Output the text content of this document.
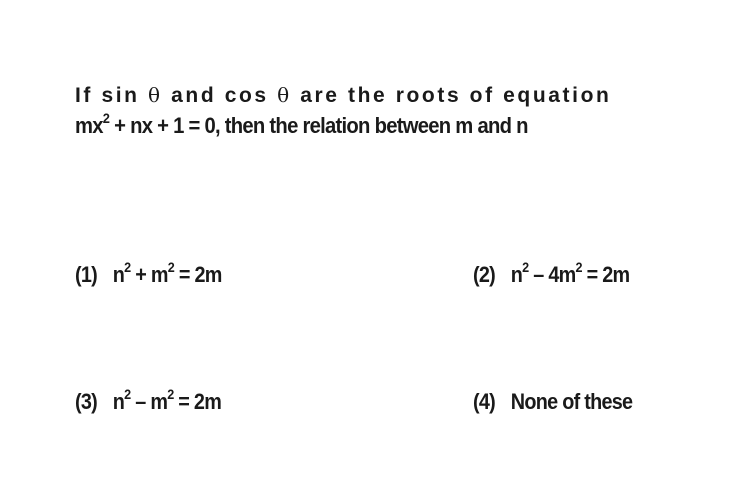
If sin θ and cos θ are the roots of equation
$mx^2$ + nx + 1 = 0, then the relation between m and n
(1) $n^2 + m^2 = 2m$	(2) $n^2 - 4m^2 = 2m$
(3) $n^2 - m^2 = 2m$	(4) None of these
